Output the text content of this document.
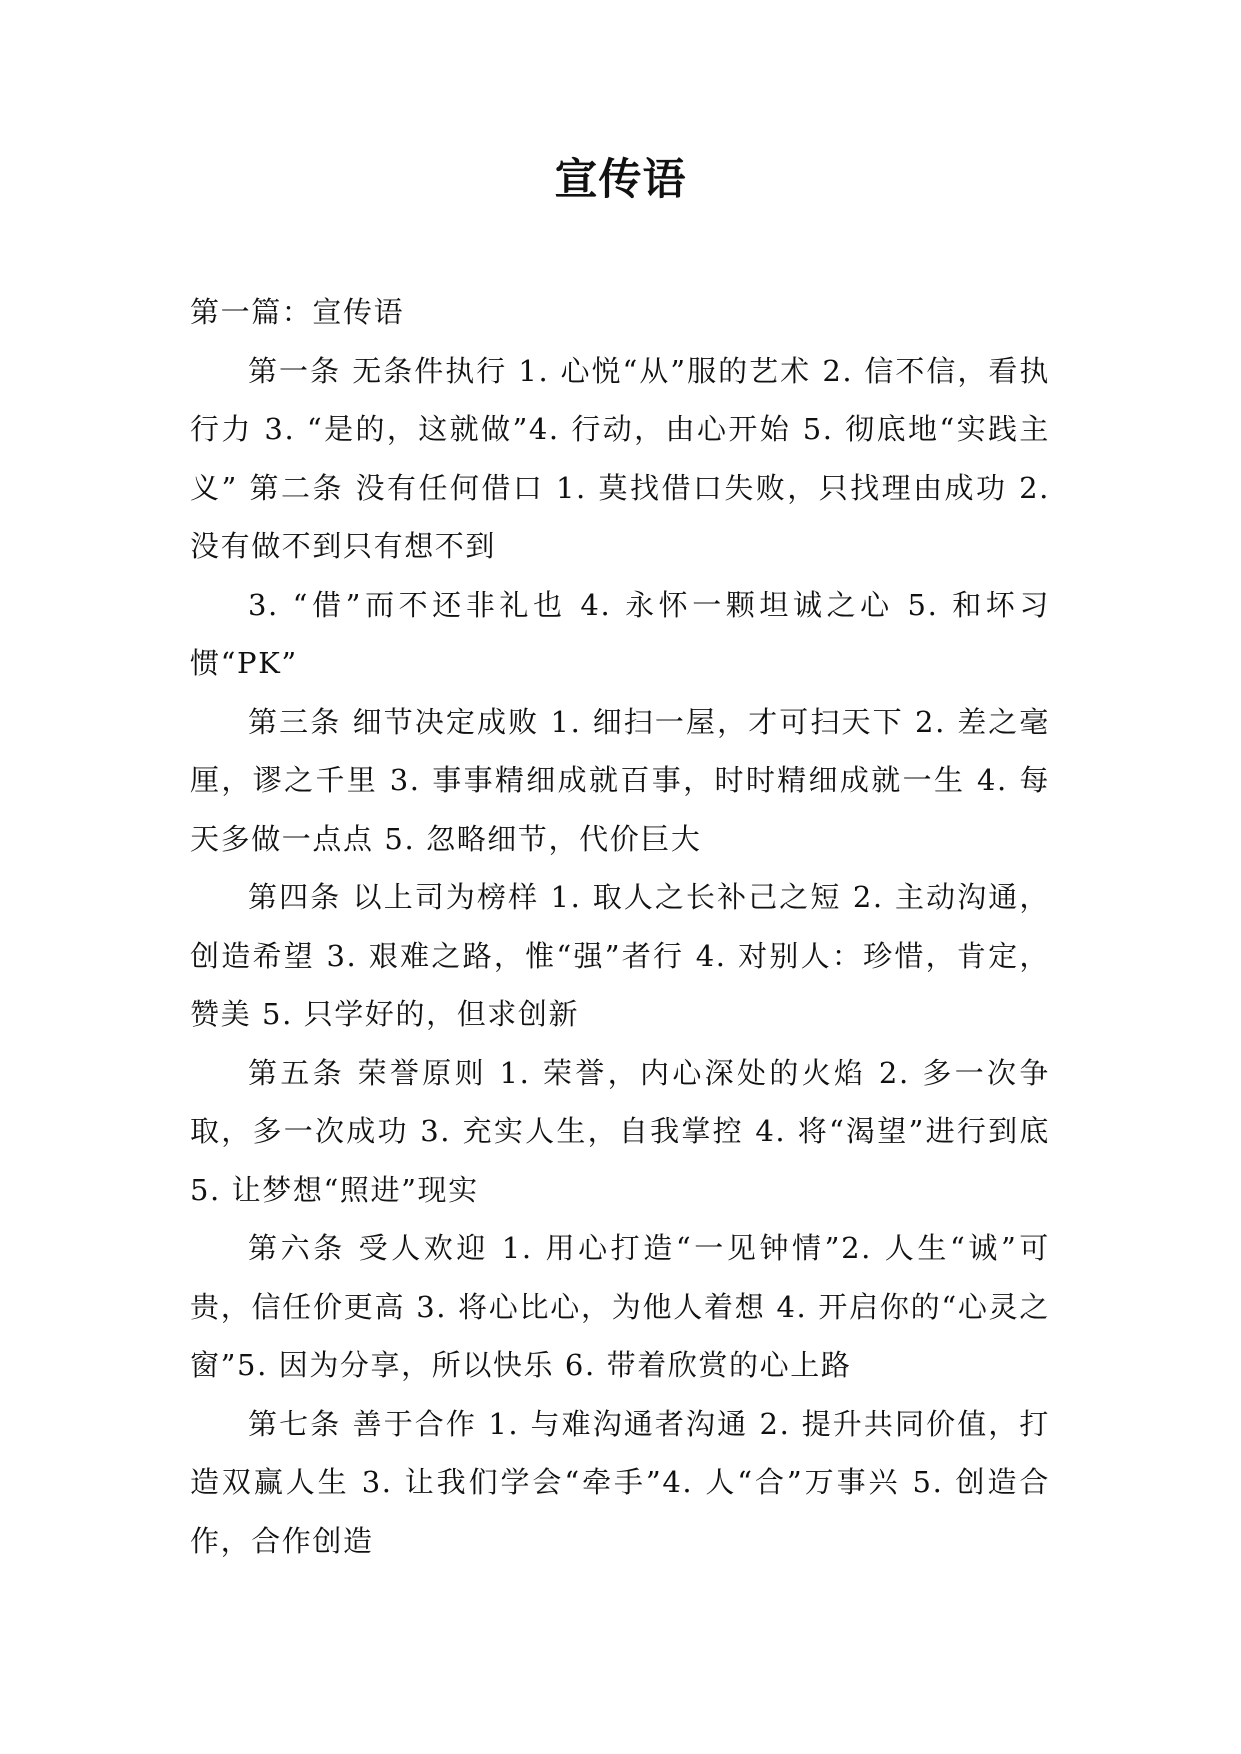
宣传语

第一篇：宣传语

第一条 无条件执行 1. 心悦“从”服的艺术 2. 信不信，看执行力 3. “是的，这就做”4. 行动，由心开始 5. 彻底地“实践主义” 第二条 没有任何借口 1. 莫找借口失败，只找理由成功 2. 没有做不到只有想不到

3. “借”而不还非礼也 4. 永怀一颗坦诚之心 5. 和坏习惯“PK”

第三条 细节决定成败 1. 细扫一屋，才可扫天下 2. 差之毫厘，谬之千里 3. 事事精细成就百事，时时精细成就一生 4. 每天多做一点点 5. 忽略细节，代价巨大

第四条 以上司为榜样 1. 取人之长补己之短 2. 主动沟通，创造希望 3. 艰难之路，惟“强”者行 4. 对别人：珍惜，肯定，赞美 5. 只学好的，但求创新

第五条 荣誉原则 1. 荣誉，内心深处的火焰 2. 多一次争取，多一次成功 3. 充实人生，自我掌控 4. 将“渴望”进行到底 5. 让梦想“照进”现实

第六条 受人欢迎 1. 用心打造“一见钟情”2. 人生“诚”可贵，信任价更高 3. 将心比心，为他人着想 4. 开启你的“心灵之窗”5. 因为分享，所以快乐 6. 带着欣赏的心上路

第七条 善于合作 1. 与难沟通者沟通 2. 提升共同价值，打造双赢人生 3. 让我们学会“牵手”4. 人“合”万事兴 5. 创造合作，合作创造
